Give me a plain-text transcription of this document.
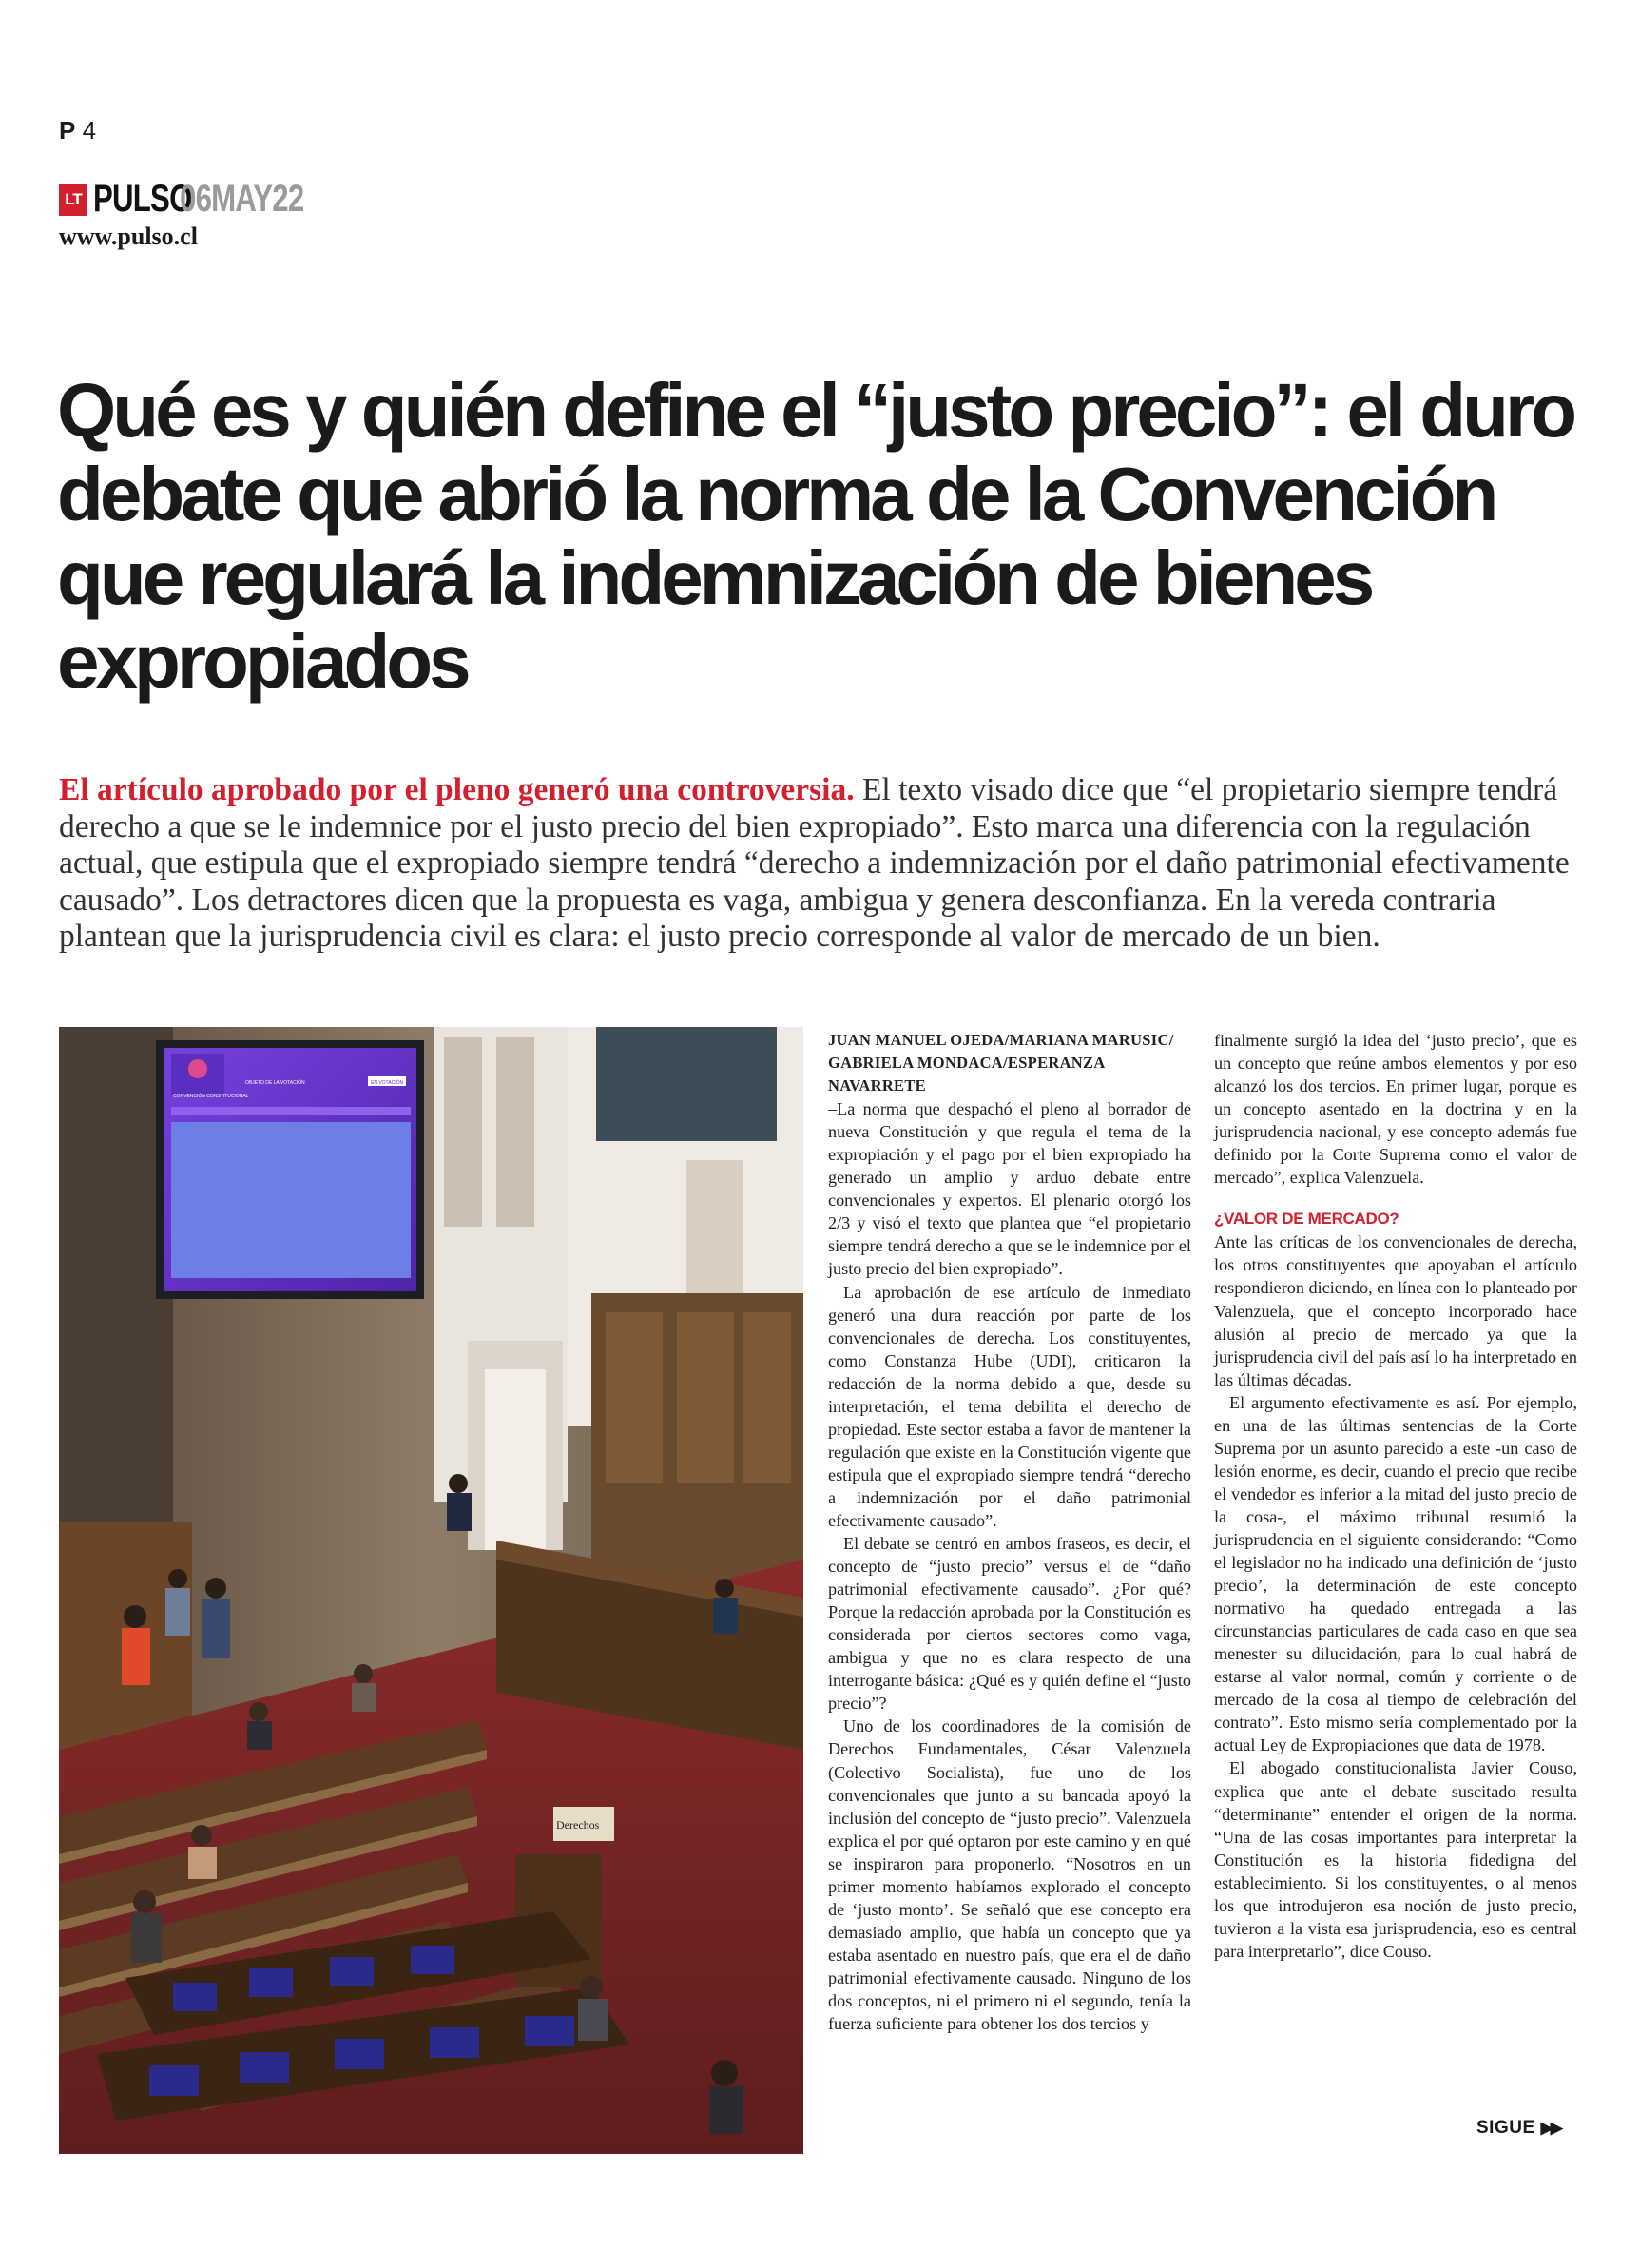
P 4
LT PULSO
06MAY22
www.pulso.cl
Qué es y quién define el “justo precio”: el duro debate que abrió la norma de la Convención que regulará la indemnización de bienes expropiados

El artículo aprobado por el pleno generó una controversia. El texto visado dice que “el propietario siempre tendrá derecho a que se le indemnice por el justo precio del bien expropiado”. Esto marca una diferencia con la regulación actual, que estipula que el expropiado siempre tendrá “derecho a indemnización por el daño patrimonial efectivamente causado”. Los detractores dicen que la propuesta es vaga, ambigua y genera desconfianza. En la vereda contraria plantean que la jurisprudencia civil es clara: el justo precio corresponde al valor de mercado de un bien.

CONVENCIÓN CONSTITUCIONAL
OBJETO DE LA VOTACIÓN	EN VOTACIÓN
Derechos

JUAN MANUEL OJEDA/MARIANA MARUSIC/ GABRIELA MONDACA/ESPERANZA NAVARRETE

–La norma que despachó el pleno al borrador de nueva Constitución y que regula el tema de la expropiación y el pago por el bien expropiado ha generado un amplio y arduo debate entre convencionales y expertos. El plenario otorgó los 2/3 y visó el texto que plantea que “el propietario siempre tendrá derecho a que se le indemnice por el justo precio del bien expropiado”.

La aprobación de ese artículo de inmediato generó una dura reacción por parte de los convencionales de derecha. Los constituyentes, como Constanza Hube (UDI), criticaron la redacción de la norma debido a que, desde su interpretación, el tema debilita el derecho de propiedad. Este sector estaba a favor de mantener la regulación que existe en la Constitución vigente que estipula que el expropiado siempre tendrá “derecho a indemnización por el daño patrimonial efectivamente causado”.

El debate se centró en ambos fraseos, es decir, el concepto de “justo precio” versus el de “daño patrimonial efectivamente causado”. ¿Por qué? Porque la redacción aprobada por la Constitución es considerada por ciertos sectores como vaga, ambigua y que no es clara respecto de una interrogante básica: ¿Qué es y quién define el “justo precio”?

Uno de los coordinadores de la comisión de Derechos Fundamentales, César Valenzuela (Colectivo Socialista), fue uno de los convencionales que junto a su bancada apoyó la inclusión del concepto de “justo precio”. Valenzuela explica el por qué optaron por este camino y en qué se inspiraron para proponerlo. “Nosotros en un primer momento habíamos explorado el concepto de ‘justo monto’. Se señaló que ese concepto era demasiado amplio, que había un concepto que ya estaba asentado en nuestro país, que era el de daño patrimonial efectivamente causado. Ninguno de los dos conceptos, ni el primero ni el segundo, tenía la fuerza suficiente para obtener los dos tercios y

finalmente surgió la idea del ‘justo precio’, que es un concepto que reúne ambos elementos y por eso alcanzó los dos tercios. En primer lugar, porque es un concepto asentado en la doctrina y en la jurisprudencia nacional, y ese concepto además fue definido por la Corte Suprema como el valor de mercado”, explica Valenzuela.

¿VALOR DE MERCADO?

Ante las críticas de los convencionales de derecha, los otros constituyentes que apoyaban el artículo respondieron diciendo, en línea con lo planteado por Valenzuela, que el concepto incorporado hace alusión al precio de mercado ya que la jurisprudencia civil del país así lo ha interpretado en las últimas décadas.

El argumento efectivamente es así. Por ejemplo, en una de las últimas sentencias de la Corte Suprema por un asunto parecido a este -un caso de lesión enorme, es decir, cuando el precio que recibe el vendedor es inferior a la mitad del justo precio de la cosa-, el máximo tribunal resumió la jurisprudencia en el siguiente considerando: “Como el legislador no ha indicado una definición de ‘justo precio’, la determinación de este concepto normativo ha quedado entregada a las circunstancias particulares de cada caso en que sea menester su dilucidación, para lo cual habrá de estarse al valor normal, común y corriente o de mercado de la cosa al tiempo de celebración del contrato”. Esto mismo sería complementado por la actual Ley de Expropiaciones que data de 1978.

El abogado constitucionalista Javier Couso, explica que ante el debate suscitado resulta “determinante” entender el origen de la norma. “Una de las cosas importantes para interpretar la Constitución es la historia fidedigna del establecimiento. Si los constituyentes, o al menos los que introdujeron esa noción de justo precio, tuvieron a la vista esa jurisprudencia, eso es central para interpretarlo”, dice Couso.

SIGUE ▶▶
